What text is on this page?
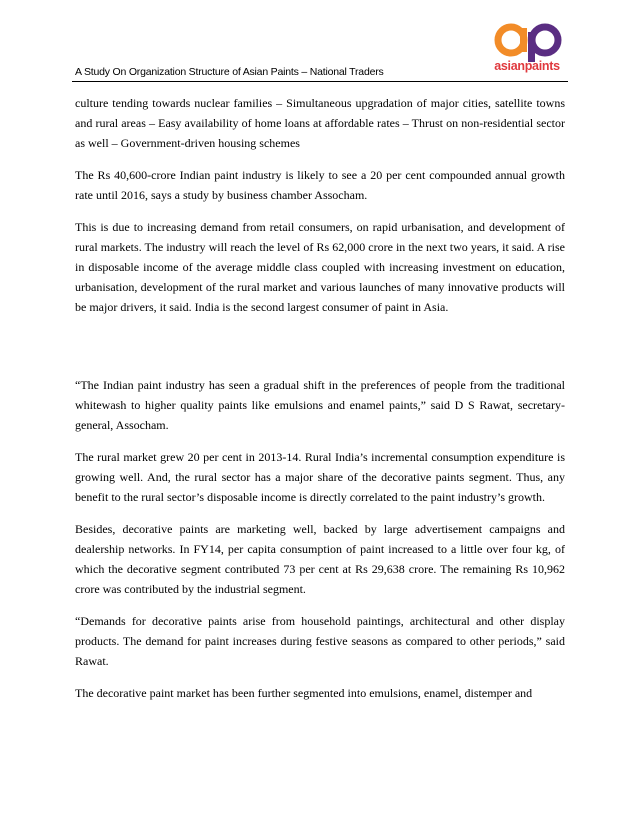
asianpaints
A Study On Organization Structure of Asian Paints – National Traders

culture tending towards nuclear families – Simultaneous upgradation of major cities, satellite towns and rural areas – Easy availability of home loans at affordable rates – Thrust on non-residential sector as well – Government-driven housing schemes

The Rs 40,600-crore Indian paint industry is likely to see a 20 per cent compounded annual growth rate until 2016, says a study by business chamber Assocham.

This is due to increasing demand from retail consumers, on rapid urbanisation, and development of rural markets. The industry will reach the level of Rs 62,000 crore in the next two years, it said. A rise in disposable income of the average middle class coupled with increasing investment on education, urbanisation, development of the rural market and various launches of many innovative products will be major drivers, it said. India is the second largest consumer of paint in Asia.

“The Indian paint industry has seen a gradual shift in the preferences of people from the traditional whitewash to higher quality paints like emulsions and enamel paints,” said D S Rawat, secretary-general, Assocham.

The rural market grew 20 per cent in 2013-14. Rural India’s incremental consumption expenditure is growing well. And, the rural sector has a major share of the decorative paints segment. Thus, any benefit to the rural sector’s disposable income is directly correlated to the paint industry’s growth.

Besides, decorative paints are marketing well, backed by large advertisement campaigns and dealership networks. In FY14, per capita consumption of paint increased to a little over four kg, of which the decorative segment contributed 73 per cent at Rs 29,638 crore. The remaining Rs 10,962 crore was contributed by the industrial segment.

“Demands for decorative paints arise from household paintings, architectural and other display products. The demand for paint increases during festive seasons as compared to other periods,” said Rawat.

The decorative paint market has been further segmented into emulsions, enamel, distemper and
